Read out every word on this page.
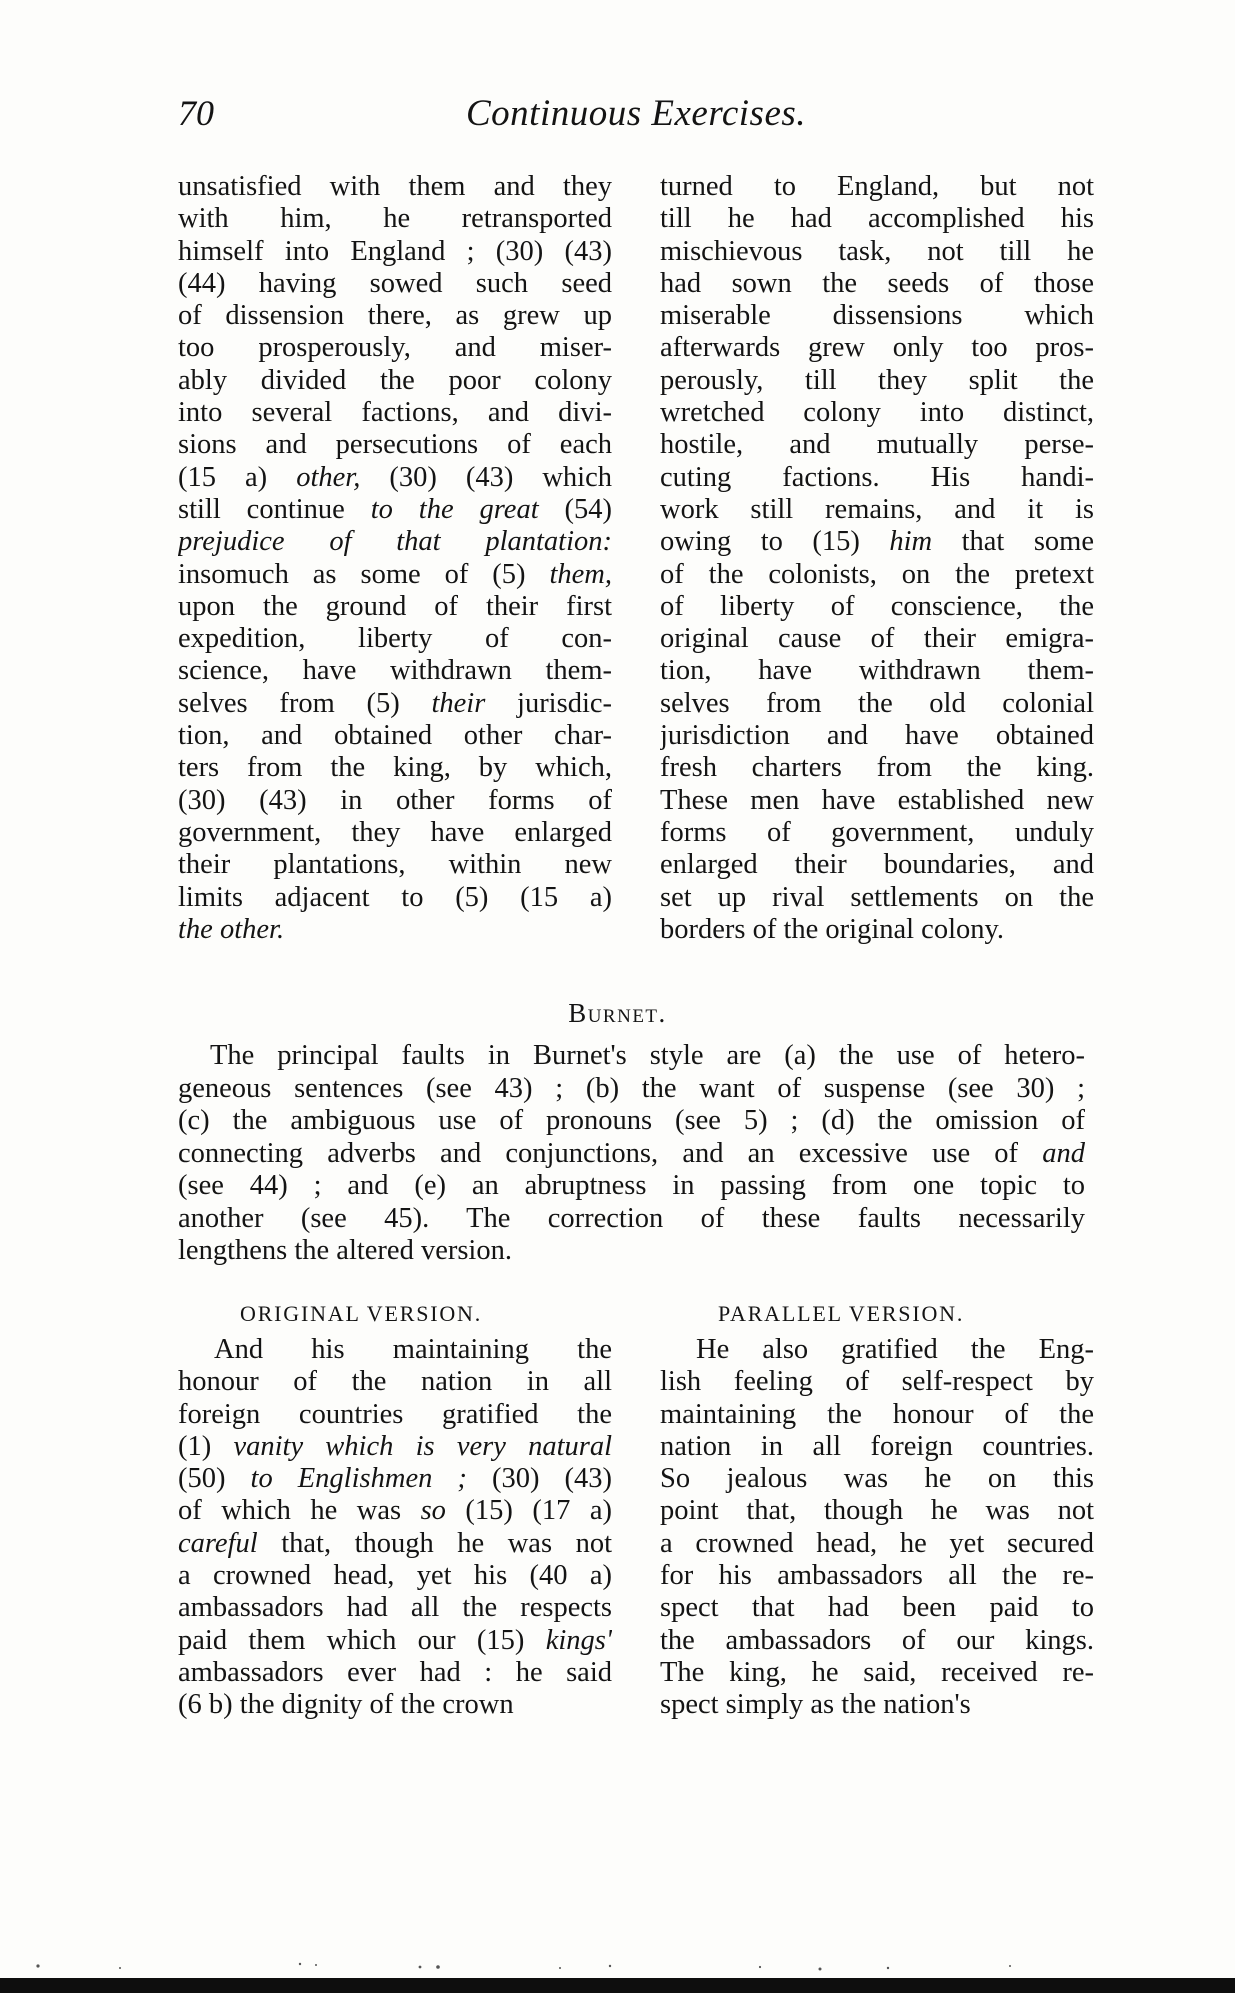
70	Continuous Exercises.
unsatisfied with them and they
with him, he retransported
himself into England ; (30) (43)
(44) having sowed such seed
of dissension there, as grew up
too prosperously, and miser-
ably divided the poor colony
into several factions, and divi-
sions and persecutions of each
(15 a) other, (30) (43) which
still continue to the great (54)
prejudice of that plantation:
insomuch as some of (5) them,
upon the ground of their first
expedition, liberty of con-
science, have withdrawn them-
selves from (5) their jurisdic-
tion, and obtained other char-
ters from the king, by which,
(30) (43) in other forms of
government, they have enlarged
their plantations, within new
limits adjacent to (5) (15 a)
the other.
turned to England, but not
till he had accomplished his
mischievous task, not till he
had sown the seeds of those
miserable dissensions which
afterwards grew only too pros-
perously, till they split the
wretched colony into distinct,
hostile, and mutually perse-
cuting factions. His handi-
work still remains, and it is
owing to (15) him that some
of the colonists, on the pretext
of liberty of conscience, the
original cause of their emigra-
tion, have withdrawn them-
selves from the old colonial
jurisdiction and have obtained
fresh charters from the king.
These men have established new
forms of government, unduly
enlarged their boundaries, and
set up rival settlements on the
borders of the original colony.
Burnet.
The principal faults in Burnet's style are (a) the use of hetero-
geneous sentences (see 43) ; (b) the want of suspense (see 30) ;
(c) the ambiguous use of pronouns (see 5) ; (d) the omission of
connecting adverbs and conjunctions, and an excessive use of and
(see 44) ; and (e) an abruptness in passing from one topic to
another (see 45). The correction of these faults necessarily
lengthens the altered version.
ORIGINAL VERSION.	PARALLEL VERSION.
And his maintaining the
honour of the nation in all
foreign countries gratified the
(1) vanity which is very natural
(50) to Englishmen ; (30) (43)
of which he was so (15) (17 a)
careful that, though he was not
a crowned head, yet his (40 a)
ambassadors had all the respects
paid them which our (15) kings'
ambassadors ever had : he said
(6 b) the dignity of the crown
He also gratified the Eng-
lish feeling of self-respect by
maintaining the honour of the
nation in all foreign countries.
So jealous was he on this
point that, though he was not
a crowned head, he yet secured
for his ambassadors all the re-
spect that had been paid to
the ambassadors of our kings.
The king, he said, received re-
spect simply as the nation's
